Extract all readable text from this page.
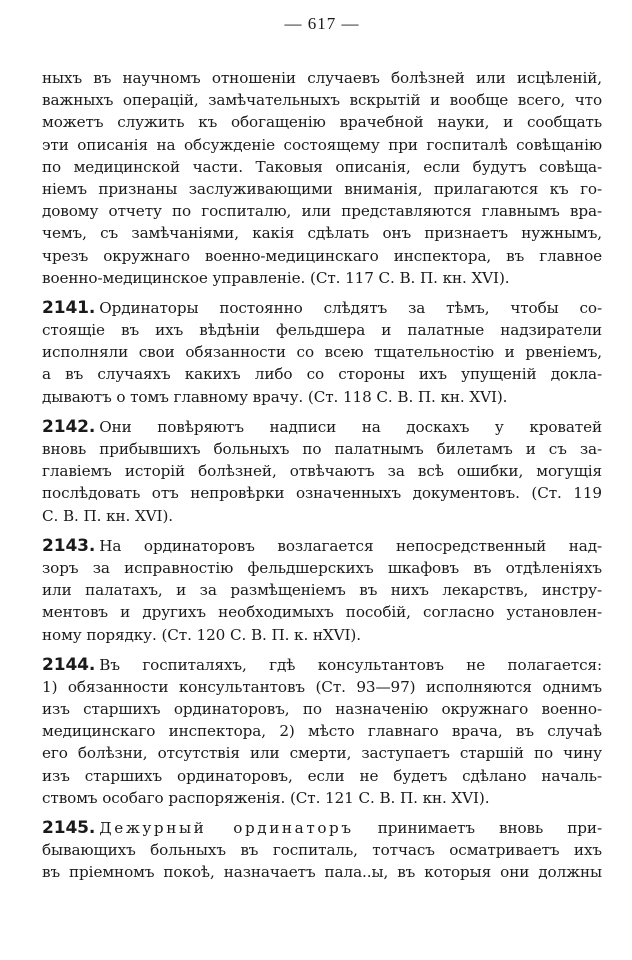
— 617 —
ныхъ въ научномъ отношеніи случаевъ болѣзней или исцѣленій,
важныхъ операцій, замѣчательныхъ вскрытій и вообще всего, что
можетъ служить къ обогащенію врачебной науки, и сообщать
эти описанія на обсужденіе состоящему при госпиталѣ совѣщанію
по медицинской части. Таковыя описанія, если будутъ совѣща-
ніемъ признаны заслуживающими вниманія, прилагаются къ го-
довому отчету по госпиталю, или представляются главнымъ вра-
чемъ, съ замѣчаніями, какія сдѣлать онъ признаетъ нужнымъ,
чрезъ окружнаго военно-медицинскаго инспектора, въ главное
военно-медицинское управленіе. (Ст. 117 С. В. П. кн. XVI).
2141. Ординаторы постоянно слѣдятъ за тѣмъ, чтобы со-
стоящіе въ ихъ вѣдѣніи фельдшера и палатные надзиратели
исполняли свои обязанности со всею тщательностію и рвеніемъ,
а въ случаяхъ какихъ либо со стороны ихъ упущеній доклa-
дываютъ о томъ главному врачу. (Ст. 118 С. В. П. кн. XVI).
2142. Они повѣряютъ надписи на доскахъ у кроватей
вновь прибывшихъ больныхъ по палатнымъ билетамъ и съ за-
главіемъ исторій болѣзней, отвѣчаютъ за всѣ ошибки, могущія
послѣдовать отъ непровѣрки означенныхъ документовъ. (Ст. 119
С. В. П. кн. XVI).
2143. На ординаторовъ возлагается непосредственный над-
зоръ за исправностію фельдшерскихъ шкафовъ въ отдѣленіяхъ
или палатахъ, и за размѣщеніемъ въ нихъ лекарствъ, инстру-
ментовъ и другихъ необходимыхъ пособій, согласно установлен-
ному порядку. (Ст. 120 С. В. П. к. нXVI).
2144. Въ госпиталяхъ, гдѣ консультантовъ не полагается:
1) обязанности консультантовъ (Ст. 93—97) исполняются однимъ
изъ старшихъ ординаторовъ, по назначенію окружнаго военно-
медицинскаго инспектора, 2) мѣсто главнаго врача, въ случаѣ
его болѣзни, отсутствія или смерти, заступаетъ старшій по чину
изъ старшихъ ординаторовъ, если не будетъ сдѣлано началь-
ствомъ особаго распоряженія. (Ст. 121 С. В. П. кн. XVI).
2145. Дежурный ординаторъ принимаетъ вновь при-
бывающихъ больныхъ въ госпиталь, тотчасъ осматриваетъ ихъ
въ пріемномъ покоѣ, назначаетъ пала..ы, въ которыя они должны
